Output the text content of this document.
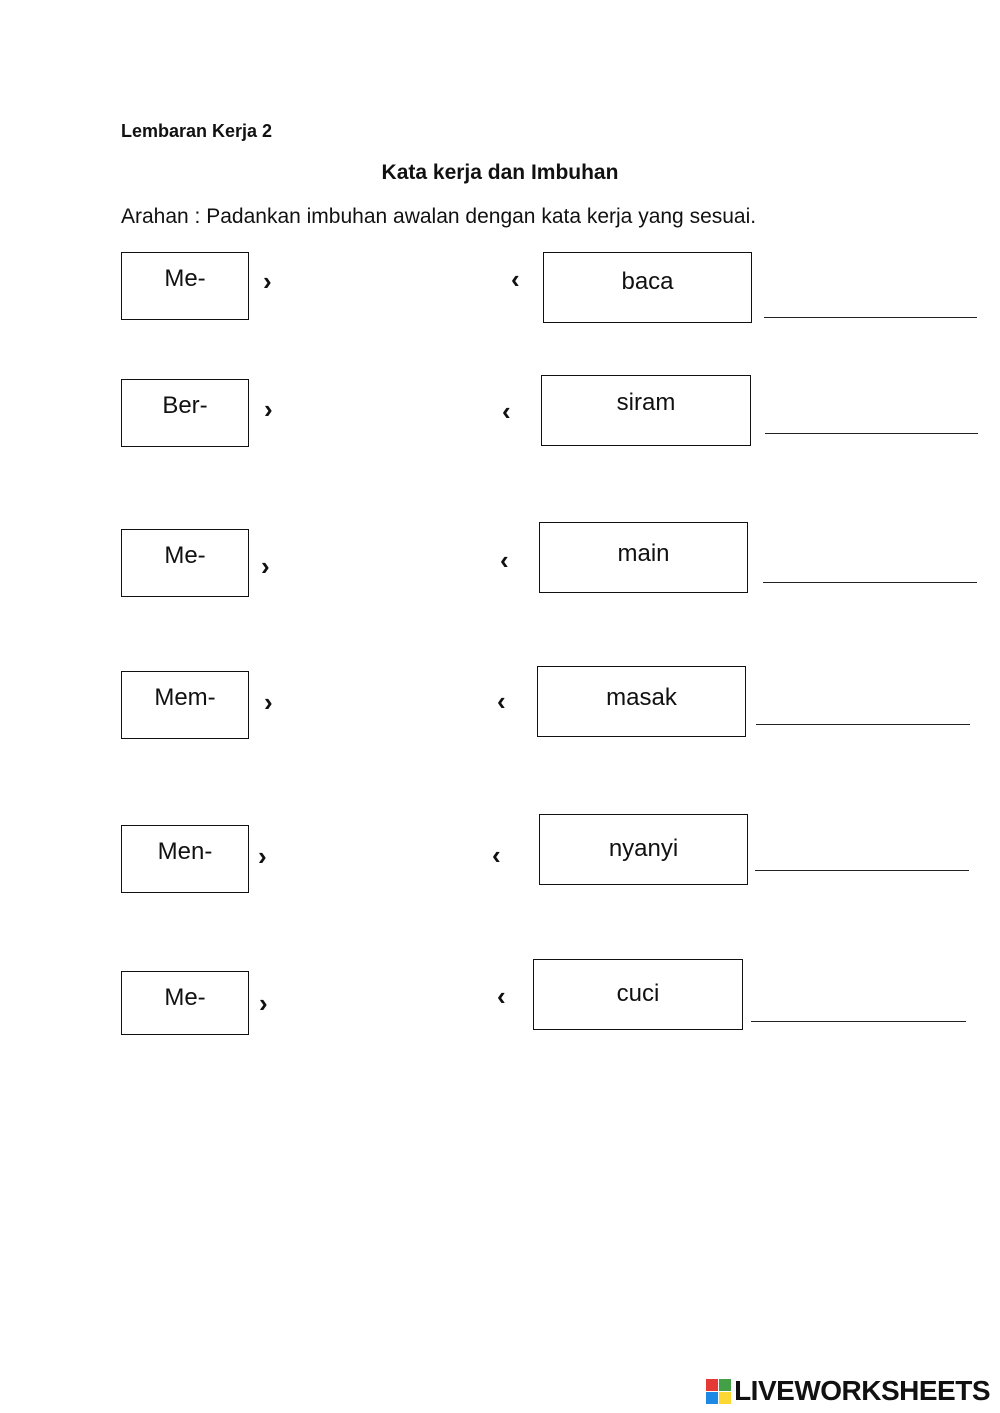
Lembaran Kerja 2
Kata kerja dan Imbuhan
Arahan : Padankan imbuhan awalan dengan kata kerja yang sesuai.
Me- ›	‹	baca
Ber- ›	‹	siram
Me- ›	‹	main
Mem- ›	‹	masak
Men- ›	‹	nyanyi
Me- ›	‹	cuci
LIVEWORKSHEETS
